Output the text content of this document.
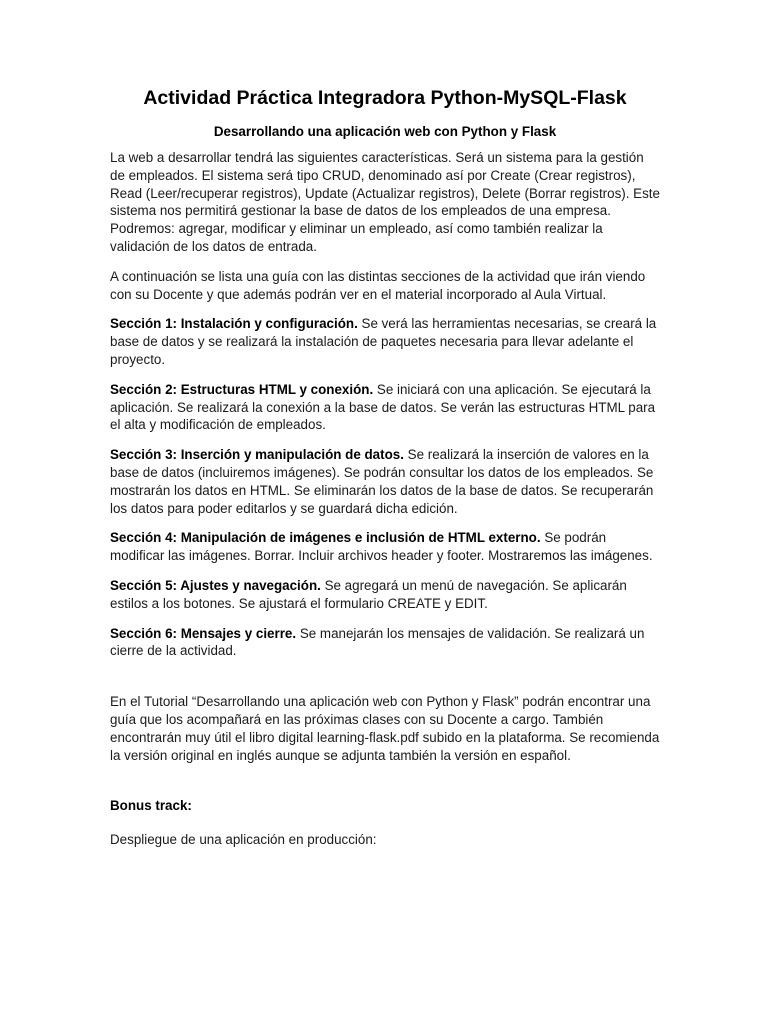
Actividad Práctica Integradora Python-MySQL-Flask
Desarrollando una aplicación web con Python y Flask

La web a desarrollar tendrá las siguientes características. Será un sistema para la gestión de empleados. El sistema será tipo CRUD, denominado así por Create (Crear registros), Read (Leer/recuperar registros), Update (Actualizar registros), Delete (Borrar registros). Este sistema nos permitirá gestionar la base de datos de los empleados de una empresa. Podremos: agregar, modificar y eliminar un empleado, así como también realizar la validación de los datos de entrada.

A continuación se lista una guía con las distintas secciones de la actividad que irán viendo con su Docente y que además podrán ver en el material incorporado al Aula Virtual.

Sección 1: Instalación y configuración. Se verá las herramientas necesarias, se creará la base de datos y se realizará la instalación de paquetes necesaria para llevar adelante el proyecto.

Sección 2: Estructuras HTML y conexión. Se iniciará con una aplicación. Se ejecutará la aplicación. Se realizará la conexión a la base de datos. Se verán las estructuras HTML para el alta y modificación de empleados.

Sección 3: Inserción y manipulación de datos. Se realizará la inserción de valores en la base de datos (incluiremos imágenes). Se podrán consultar los datos de los empleados. Se mostrarán los datos en HTML. Se eliminarán los datos de la base de datos. Se recuperarán los datos para poder editarlos y se guardará dicha edición.

Sección 4: Manipulación de imágenes e inclusión de HTML externo. Se podrán modificar las imágenes. Borrar. Incluir archivos header y footer. Mostraremos las imágenes.

Sección 5: Ajustes y navegación. Se agregará un menú de navegación. Se aplicarán estilos a los botones. Se ajustará el formulario CREATE y EDIT.

Sección 6: Mensajes y cierre. Se manejarán los mensajes de validación. Se realizará un cierre de la actividad.

En el Tutorial “Desarrollando una aplicación web con Python y Flask” podrán encontrar una guía que los acompañará en las próximas clases con su Docente a cargo. También encontrarán muy útil el libro digital learning-flask.pdf subido en la plataforma. Se recomienda la versión original en inglés aunque se adjunta también la versión en español.

Bonus track:

Despliegue de una aplicación en producción:
